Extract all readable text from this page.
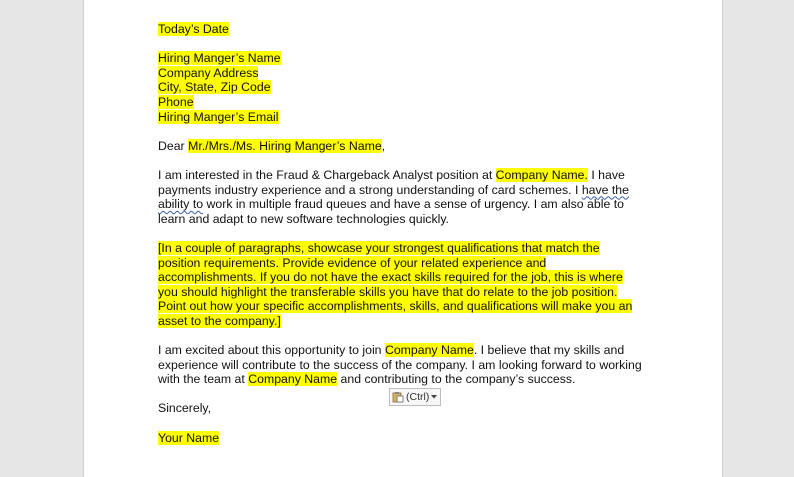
Today’s Date

Hiring Manger’s Name

Company Address

City, State, Zip Code

Phone

Hiring Manger’s Email

Dear Mr./Mrs./Ms. Hiring Manger’s Name,

I am interested in the Fraud & Chargeback Analyst position at Company Name. I have payments industry experience and a strong understanding of card schemes. I have the ability to work in multiple fraud queues and have a sense of urgency. I am also able to learn and adapt to new software technologies quickly.

[In a couple of paragraphs, showcase your strongest qualifications that match the position requirements. Provide evidence of your related experience and accomplishments. If you do not have the exact skills required for the job, this is where you should highlight the transferable skills you have that do relate to the job position. Point out how your specific accomplishments, skills, and qualifications will make you an asset to the company.]

I am excited about this opportunity to join Company Name. I believe that my skills and experience will contribute to the success of the company. I am looking forward to working with the team at Company Name and contributing to the company’s success.

Sincerely,

Your Name

(Ctrl)
